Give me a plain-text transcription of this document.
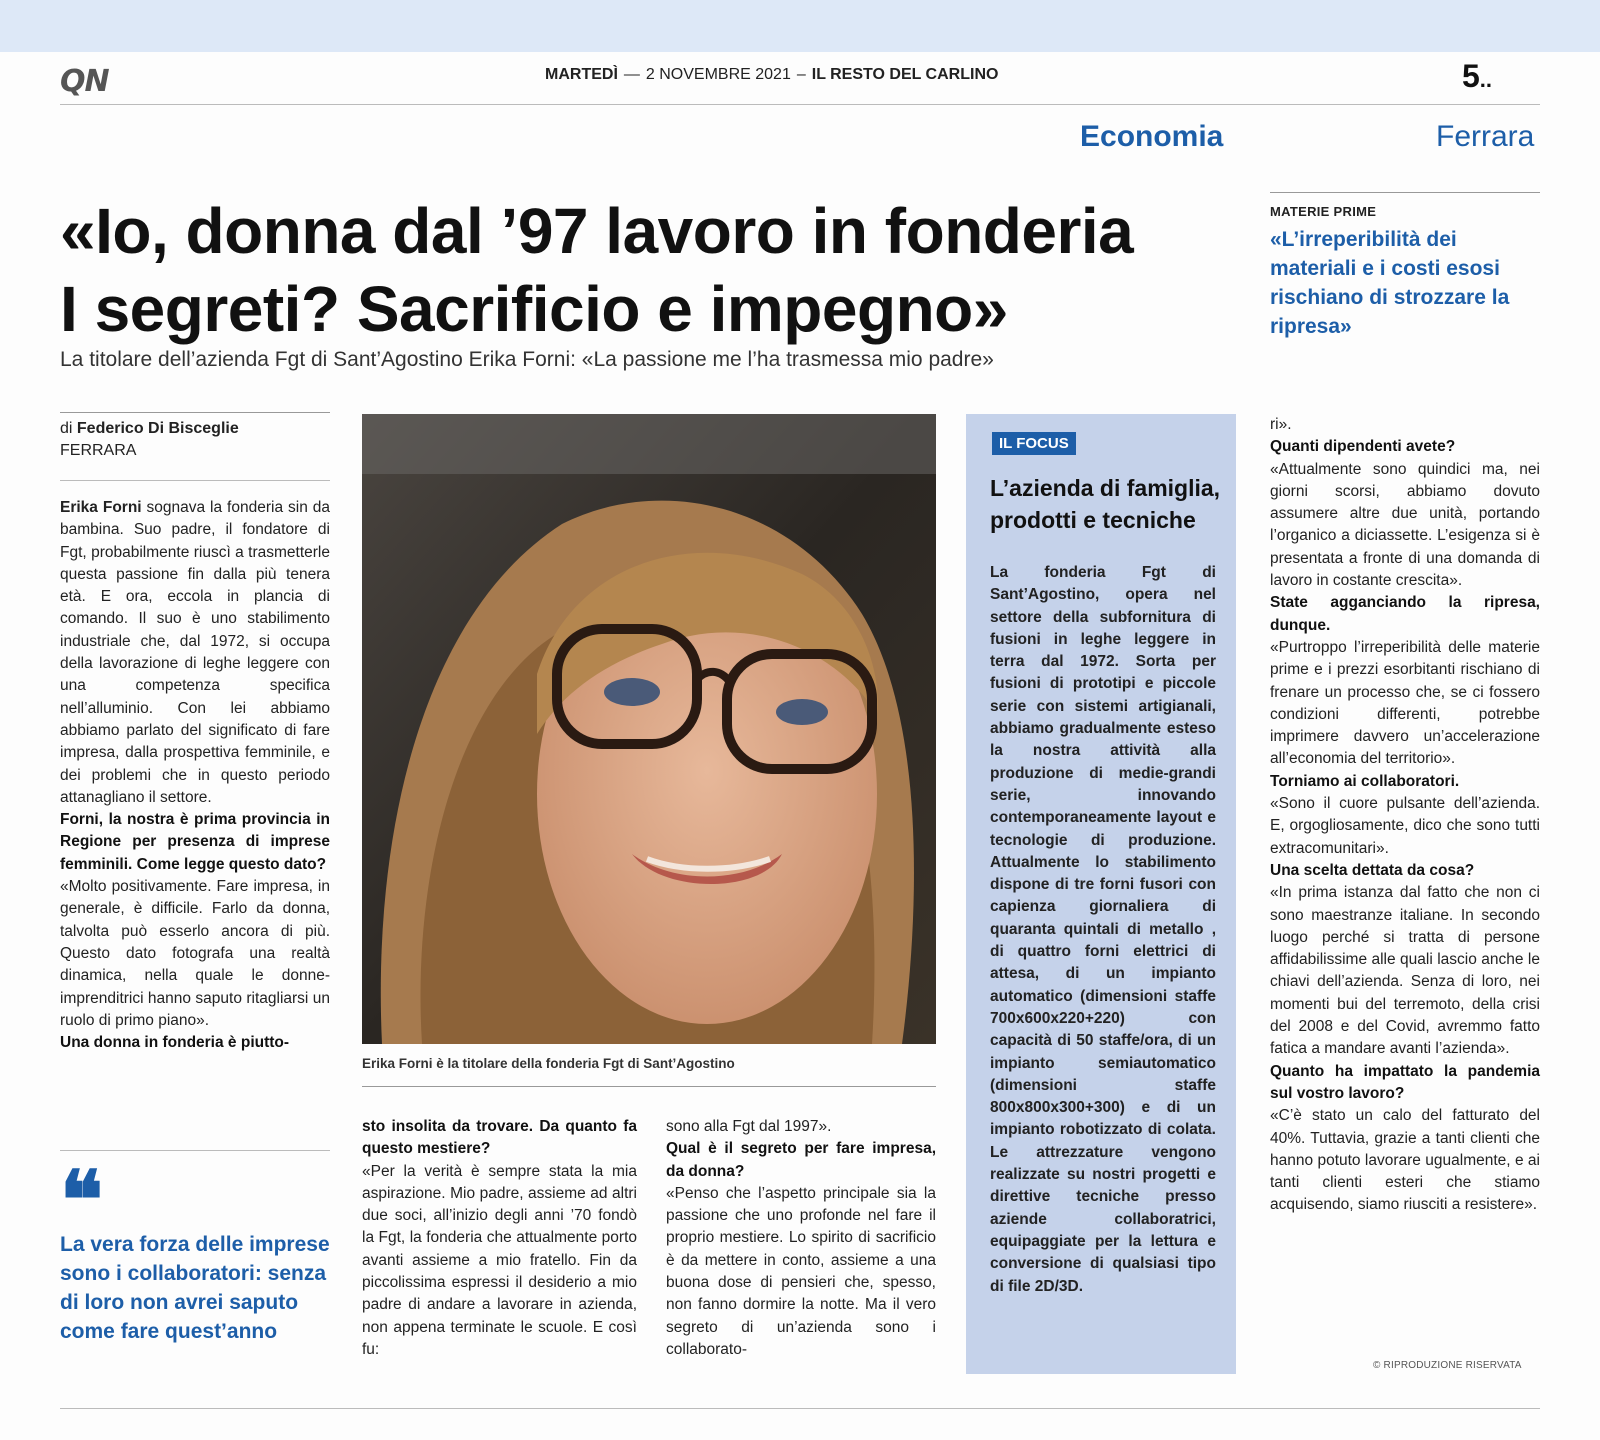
QN	MARTEDÌ — 2 NOVEMBRE 2021 – IL RESTO DEL CARLINO	5..
Economia	Ferrara
«Io, donna dal ’97 lavoro in fonderia
I segreti? Sacrificio e impegno»
La titolare dell’azienda Fgt di Sant’Agostino Erika Forni: «La passione me l’ha trasmessa mio padre»
MATERIE PRIME
«L’irreperibilità dei materiali e i costi esosi rischiano di strozzare la ripresa»
di Federico Di Bisceglie
FERRARA

Erika Forni sognava la fonderia sin da bambina. Suo padre, il fondatore di Fgt, probabilmente riuscì a trasmetterle questa passione fin dalla più tenera età. E ora, eccola in plancia di comando. Il suo è uno stabilimento industriale che, dal 1972, si occupa della lavorazione di leghe leggere con una competenza specifica nell’alluminio. Con lei abbiamo abbiamo parlato del significato di fare impresa, dalla prospettiva femminile, e dei problemi che in questo periodo attanagliano il settore.

Forni, la nostra è prima provincia in Regione per presenza di imprese femminili. Come legge questo dato?

«Molto positivamente. Fare impresa, in generale, è difficile. Farlo da donna, talvolta può esserlo ancora di più. Questo dato fotografa una realtà dinamica, nella quale le donne-imprenditrici hanno saputo ritagliarsi un ruolo di primo piano».

Una donna in fonderia è piutto-

❝
La vera forza delle imprese sono i collaboratori: senza di loro non avrei saputo come fare quest’anno
Erika Forni è la titolare della fonderia Fgt di Sant’Agostino

sto insolita da trovare. Da quanto fa questo mestiere?

«Per la verità è sempre stata la mia aspirazione. Mio padre, assieme ad altri due soci, all’inizio degli anni ’70 fondò la Fgt, la fonderia che attualmente porto avanti assieme a mio fratello. Fin da piccolissima espressi il desiderio a mio padre di andare a lavorare in azienda, non appena terminate le scuole. E così fu:

sono alla Fgt dal 1997».

Qual è il segreto per fare impresa, da donna?

«Penso che l’aspetto principale sia la passione che uno profonde nel fare il proprio mestiere. Lo spirito di sacrificio è da mettere in conto, assieme a una buona dose di pensieri che, spesso, non fanno dormire la notte. Ma il vero segreto di un’azienda sono i collaborato-

IL FOCUS
L’azienda di famiglia, prodotti e tecniche
La fonderia Fgt di Sant’Agostino, opera nel settore della subfornitura di fusioni in leghe leggere in terra dal 1972. Sorta per fusioni di prototipi e piccole serie con sistemi artigianali, abbiamo gradualmente esteso la nostra attività alla produzione di medie-grandi serie, innovando contemporaneamente layout e tecnologie di produzione. Attualmente lo stabilimento dispone di tre forni fusori con capienza giornaliera di quaranta quintali di metallo , di quattro forni elettrici di attesa, di un impianto automatico (dimensioni staffe 700x600x220+220) con capacità di 50 staffe/ora, di un impianto semiautomatico (dimensioni staffe 800x800x300+300) e di un impianto robotizzato di colata. Le attrezzature vengono realizzate su nostri progetti e direttive tecniche presso aziende collaboratrici, equipaggiate per la lettura e conversione di qualsiasi tipo di file 2D/3D.

ri».

Quanti dipendenti avete?

«Attualmente sono quindici ma, nei giorni scorsi, abbiamo dovuto assumere altre due unità, portando l’organico a diciassette. L’esigenza si è presentata a fronte di una domanda di lavoro in costante crescita».

State agganciando la ripresa, dunque.

«Purtroppo l’irreperibilità delle materie prime e i prezzi esorbitanti rischiano di frenare un processo che, se ci fossero condizioni differenti, potrebbe imprimere davvero un’accelerazione all’economia del territorio».

Torniamo ai collaboratori.

«Sono il cuore pulsante dell’azienda. E, orgogliosamente, dico che sono tutti extracomunitari».

Una scelta dettata da cosa?

«In prima istanza dal fatto che non ci sono maestranze italiane. In secondo luogo perché si tratta di persone affidabilissime alle quali lascio anche le chiavi dell’azienda. Senza di loro, nei momenti bui del terremoto, della crisi del 2008 e del Covid, avremmo fatto fatica a mandare avanti l’azienda».

Quanto ha impattato la pandemia sul vostro lavoro?

«C’è stato un calo del fatturato del 40%. Tuttavia, grazie a tanti clienti che hanno potuto lavorare ugualmente, e ai tanti clienti esteri che stiamo acquisendo, siamo riusciti a resistere».

© RIPRODUZIONE RISERVATA
